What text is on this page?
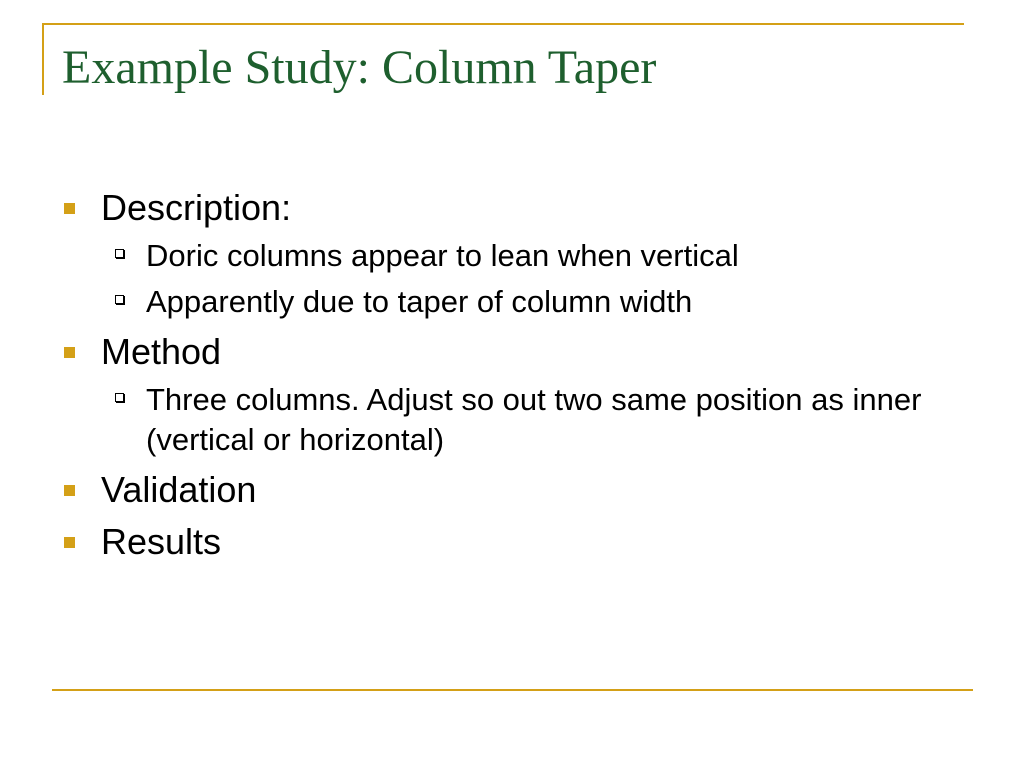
Example Study: Column Taper
Description:
Doric columns appear to lean when vertical
Apparently due to taper of column width
Method
Three columns. Adjust so out two same position as inner (vertical or horizontal)
Validation
Results
